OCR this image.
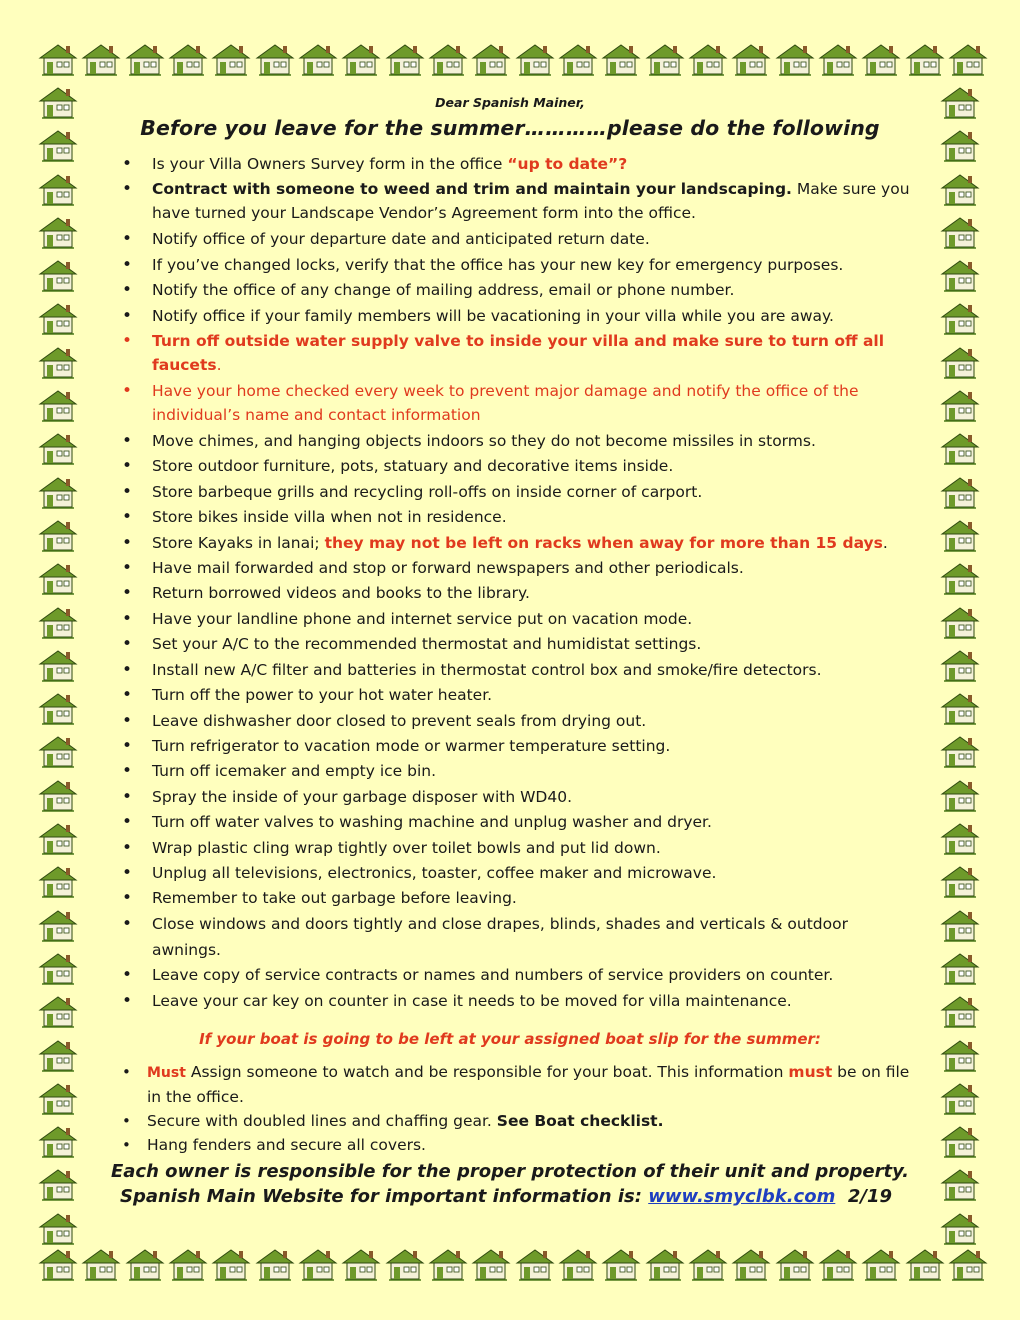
Dear Spanish Mainer,
Before you leave for the summer…………please do the following
• Is your Villa Owners Survey form in the office “up to date”?
• Contract with someone to weed and trim and maintain your landscaping. Make sure you have turned your Landscape Vendor’s Agreement form into the office.
• Notify office of your departure date and anticipated return date.
• If you’ve changed locks, verify that the office has your new key for emergency purposes.
• Notify the office of any change of mailing address, email or phone number.
• Notify office if your family members will be vacationing in your villa while you are away.
• Turn off outside water supply valve to inside your villa and make sure to turn off all faucets.
• Have your home checked every week to prevent major damage and notify the office of the individual’s name and contact information
• Move chimes, and hanging objects indoors so they do not become missiles in storms.
• Store outdoor furniture, pots, statuary and decorative items inside.
• Store barbeque grills and recycling roll-offs on inside corner of carport.
• Store bikes inside villa when not in residence.
• Store Kayaks in lanai; they may not be left on racks when away for more than 15 days.
• Have mail forwarded and stop or forward newspapers and other periodicals.
• Return borrowed videos and books to the library.
• Have your landline phone and internet service put on vacation mode.
• Set your A/C to the recommended thermostat and humidistat settings.
• Install new A/C filter and batteries in thermostat control box and smoke/fire detectors.
• Turn off the power to your hot water heater.
• Leave dishwasher door closed to prevent seals from drying out.
• Turn refrigerator to vacation mode or warmer temperature setting.
• Turn off icemaker and empty ice bin.
• Spray the inside of your garbage disposer with WD40.
• Turn off water valves to washing machine and unplug washer and dryer.
• Wrap plastic cling wrap tightly over toilet bowls and put lid down.
• Unplug all televisions, electronics, toaster, coffee maker and microwave.
• Remember to take out garbage before leaving.
• Close windows and doors tightly and close drapes, blinds, shades and verticals & outdoor awnings.
• Leave copy of service contracts or names and numbers of service providers on counter.
• Leave your car key on counter in case it needs to be moved for villa maintenance.
If your boat is going to be left at your assigned boat slip for the summer:
• Must Assign someone to watch and be responsible for your boat. This information must be on file in the office.
• Secure with doubled lines and chaffing gear. See Boat checklist.
• Hang fenders and secure all covers.
Each owner is responsible for the proper protection of their unit and property.
Spanish Main Website for important information is: www.smyclbk.com 2/19
